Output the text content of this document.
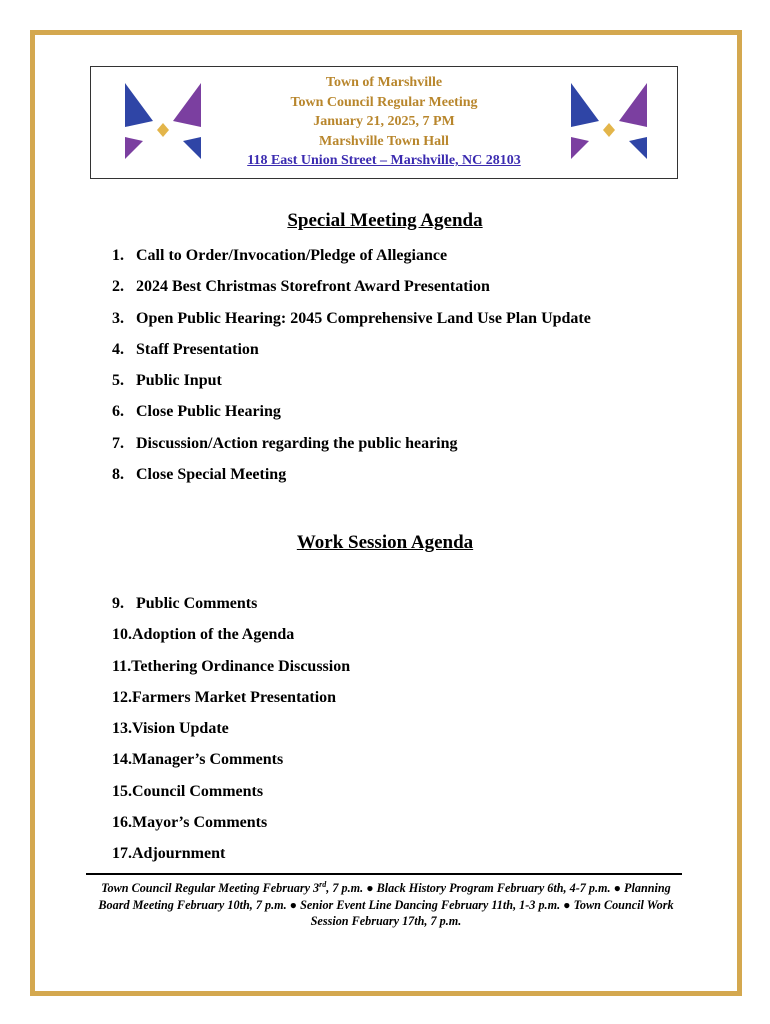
Town of Marshville
Town Council Regular Meeting
January 21, 2025, 7 PM
Marshville Town Hall
118 East Union Street – Marshville, NC 28103
Special Meeting Agenda
1. Call to Order/Invocation/Pledge of Allegiance
2. 2024 Best Christmas Storefront Award Presentation
3. Open Public Hearing: 2045 Comprehensive Land Use Plan Update
4. Staff Presentation
5. Public Input
6. Close Public Hearing
7. Discussion/Action regarding the public hearing
8. Close Special Meeting
Work Session Agenda
9. Public Comments
10.Adoption of the Agenda
11.Tethering Ordinance Discussion
12.Farmers Market Presentation
13.Vision Update
14.Manager’s Comments
15.Council Comments
16.Mayor’s Comments
17.Adjournment
Town Council Regular Meeting February 3rd, 7 p.m. ● Black History Program February 6th, 4-7 p.m. ● Planning Board Meeting February 10th, 7 p.m. ● Senior Event Line Dancing February 11th, 1-3 p.m. ● Town Council Work Session February 17th, 7 p.m.
